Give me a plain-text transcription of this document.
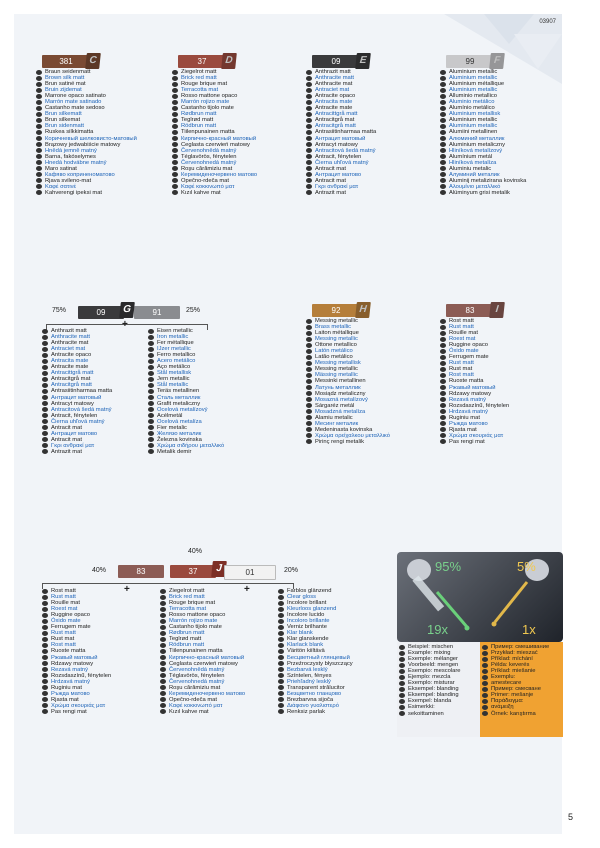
03907
5
381	C
Braun seidenmatt
Brown silk matt
Brun satiné mat
Bruin zijdemat
Marrone opaco satinato
Marrón mate satinado
Castanho mate sedoso
Brun silkematt
Brun silkemat
Brun sidenmatt
Ruskea silkkimatta
Коричневый шелковисто-матовый
Brązowy jedwabiście matowy
Hnědá jemně matný
Barna, fakóselymes
Hnedá hodvábne matný
Maro satinat
Кафяво коприненоматово
Rjava svileno-mat
Καφέ σατινέ
Kahverengi ipeksi mat
37	D
Ziegelrot matt
Brick red matt
Rouge brique mat
Terracotta mat
Rosso mattone opaco
Marrón rojizo mate
Castanho tijolo mate
Rødbrun matt
Teglrød matt
Rödbrun matt
Tiilenpunainen matta
Кирпично-красный матовый
Ceglasta czerwień matowy
Červenohnědá matný
Téglavörös, fénytelen
Červenohnedá matný
Roşu cărămiziu mat
Керемиденочервено матово
Opečno-rdeča mat
Καφέ κοκκινωπό ματ
Kızıl kahve mat
09	E
Anthrazit matt
Anthracite matt
Anthracite mat
Antraciet mat
Antracite opaco
Antracita mate
Antracite mate
Antracittgrå matt
Antracitgrå mat
Antracitgrå matt
Antrasiitinharmaa matta
Антрацит матовый
Antracyt matowy
Antracitová šedá matný
Antracit, fénytelen
Čierna uhľová matný
Antracit mat
Антрацит матово
Antracit mat
Γκρι ανθρακί ματ
Antrazit mat
99	F
Aluminium metallic
Aluminium metallic
Aluminium métallique
Aluminium metallic
Alluminio metallico
Aluminio metálico
Alumínio metálico
Aluminium metallisk
Aluminium metallic
Aluminium metallic
Alumiini metallinen
Алюминий металлик
Aluminium metaliczny
Hliníková metalízový
Alumínium metál
Hliníková metalíza
Aluminiu metalic
Алуминий металик
Aluminij metalizirana kovinska
Αλουμίνιο μεταλλικό
Alüminyum grisi metalik
92	H
Messing metallic
Brass metallic
Laiton métallique
Messing metallic
Ottone metallico
Latón metálico
Latão metálico
Messing metallisk
Messing metallic
Mässing metallic
Messinki metallinen
Латунь металлик
Mosiądz metaliczny
Mosazná metalízový
Sárgaréz metál
Mosadzná metalíza
Alamiu metalic
Месинг металик
Medeninasta kovinska
Χρώμα ορείχαλκου μεταλλικό
Pirinç rengi metalik
83	I
Rost matt
Rust matt
Rouille mat
Roest mat
Ruggine opaco
Óxido mate
Ferrugem mate
Rust matt
Rust mat
Rost matt
Ruoste matta
Ржавый матовый
Rdzawy matowy
Rezavá matný
Rozsdaszínű, fénytelen
Hrdzavá matný
Ruginiu mat
Ръжда матово
Rjasta mat
Χρώμα σκουριάς ματ
Pas rengi mat
75%	09	91
G	25%
+
Anthrazit matt
Anthracite matt
Anthracite mat
Antraciet mat
Antracite opaco
Antracita mate
Antracite mate
Antracittgrå matt
Antracitgrå mat
Antracitgrå matt
Antrasiitinharmaa matta
Антрацит матовый
Antracyt matowy
Antracitová šedá matný
Antracit, fénytelen
Čierna uhľová matný
Antracit mat
Антрацит матово
Antracit mat
Γκρι ανθρακί ματ
Antrazit mat
Eisen metallic
Iron metallic
Fer métallique
IJzer metallic
Ferro metallico
Acero metálico
Aço metálico
Stål metallisk
Jern metallic
Stål metallic
Teräs metallinen
Сталь металлик
Grafit metaliczny
Ocelová metalízový
Acélmetál
Ocelová metalíza
Fier metalic
Желязо металик
Železna kovinska
Χρώμα σιδήρου μεταλλικό
Metalik demir
40%
40%	83	37	J	01	20%
+	+
Rost matt
Rust matt
Rouille mat
Roest mat
Ruggine opaco
Óxido mate
Ferrugem mate
Rust matt
Rust mat
Rost matt
Ruoste matta
Ржавый матовый
Rdzawy matowy
Rezavá matný
Rozsdaszínű, fénytelen
Hrdzavá matný
Ruginiu mat
Ръжда матово
Rjasta mat
Χρώμα σκουριάς ματ
Pas rengi mat
Ziegelrot matt
Brick red matt
Rouge brique mat
Terracotta mat
Rosso mattone opaco
Marrón rojizo mate
Castanho tijolo mate
Rødbrun matt
Teglrød matt
Rödbrun matt
Tiilenpunainen matta
Кирпично-красный матовый
Ceglasta czerwień matowy
Červenohnědá matný
Téglavörös, fénytelen
Červenohnedá matný
Roşu cărămiziu mat
Керемиденочервено матово
Opečno-rdeča mat
Καφέ κοκκινωπό ματ
Kızıl kahve mat
Farblos glänzend
Clear gloss
Incolore brillant
Kleurloos glanzend
Incolore lucido
Incoloro brillante
Verniz brilhante
Klar blank
Klar glanskende
Klarlack blank
Väritön kiiltävä
Бесцветный глянцевый
Przeźroczysty błyszczący
Bezbarvá lesklý
Színtelen, fényes
Priehľadný lesklý
Transparent strălucitor
Безцветно гланцово
Brezbarvna sijoča
Διάφανο γυαλιστερό
Renksiz parlak
95%	5%
19x	1x
Beispiel: mischen
Example: mixing
Exemple: mélanger
Voorbeeld: mengen
Esempio: mescolare
Ejemplo: mezcla
Exemplo: misturar
Eksempel: blanding
Eksempel: blanding
Exempel: blanda
Esimerkki:
sekoittaminen
Пример: смешивание
Przykład: mieszać
Příklad: míchání
Példa: keverés
Príklad: miešanie
Exemplu:
amestecare
Пример: смесване
Primer: mešanje
Παράδειγμα:
ανάμειξη
Örnek: karıştırma
